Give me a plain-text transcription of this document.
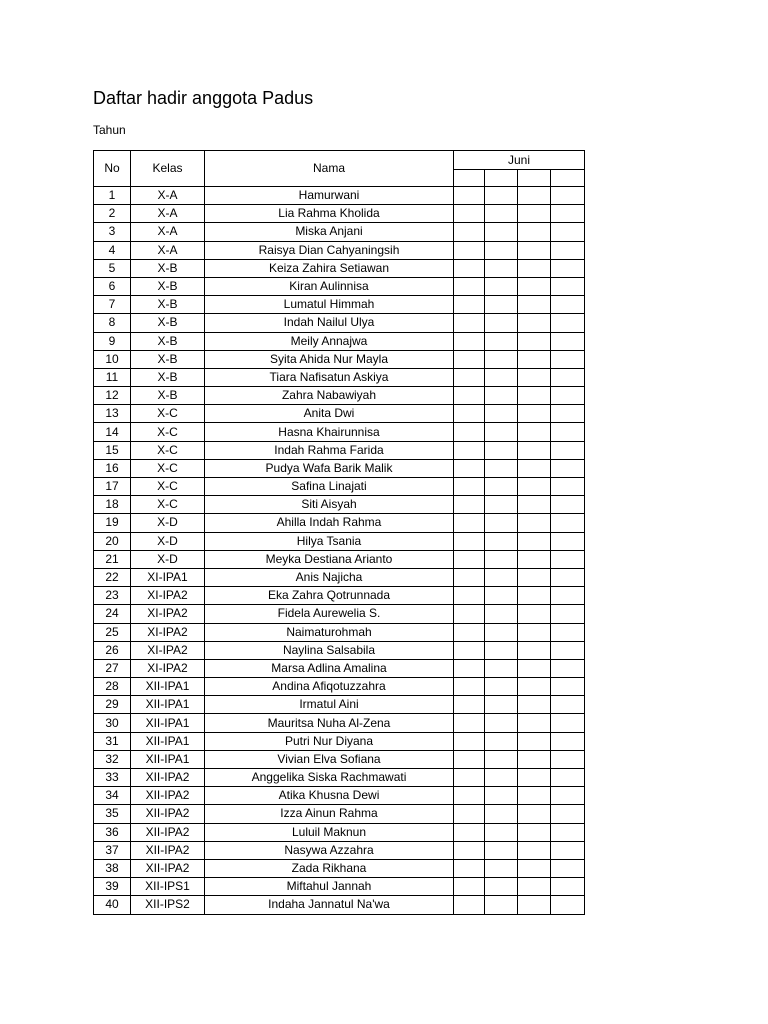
Daftar hadir anggota Padus
Tahun
No	Kelas	Nama	Juni			

1	X-A	Hamurwani				
2	X-A	Lia Rahma Kholida				
3	X-A	Miska Anjani				
4	X-A	Raisya Dian Cahyaningsih				
5	X-B	Keiza Zahira Setiawan				
6	X-B	Kiran Aulinnisa				
7	X-B	Lumatul Himmah				
8	X-B	Indah Nailul Ulya				
9	X-B	Meily Annajwa				
10	X-B	Syita Ahida Nur Mayla				
11	X-B	Tiara Nafisatun Askiya				
12	X-B	Zahra Nabawiyah				
13	X-C	Anita Dwi				
14	X-C	Hasna Khairunnisa				
15	X-C	Indah Rahma Farida				
16	X-C	Pudya Wafa Barik Malik				
17	X-C	Safina Linajati				
18	X-C	Siti Aisyah				
19	X-D	Ahilla Indah Rahma				
20	X-D	Hilya Tsania				
21	X-D	Meyka Destiana Arianto				
22	XI-IPA1	Anis Najicha				
23	XI-IPA2	Eka Zahra Qotrunnada				
24	XI-IPA2	Fidela Aurewelia S.				
25	XI-IPA2	Naimaturohmah				
26	XI-IPA2	Naylina Salsabila				
27	XI-IPA2	Marsa Adlina Amalina				
28	XII-IPA1	Andina Afiqotuzzahra				
29	XII-IPA1	Irmatul Aini				
30	XII-IPA1	Mauritsa Nuha Al-Zena				
31	XII-IPA1	Putri Nur Diyana				
32	XII-IPA1	Vivian Elva Sofiana				
33	XII-IPA2	Anggelika Siska Rachmawati				
34	XII-IPA2	Atika Khusna Dewi				
35	XII-IPA2	Izza Ainun Rahma				
36	XII-IPA2	Luluil Maknun				
37	XII-IPA2	Nasywa Azzahra				
38	XII-IPA2	Zada Rikhana				
39	XII-IPS1	Miftahul Jannah				
40	XII-IPS2	Indaha Jannatul Na'wa				
